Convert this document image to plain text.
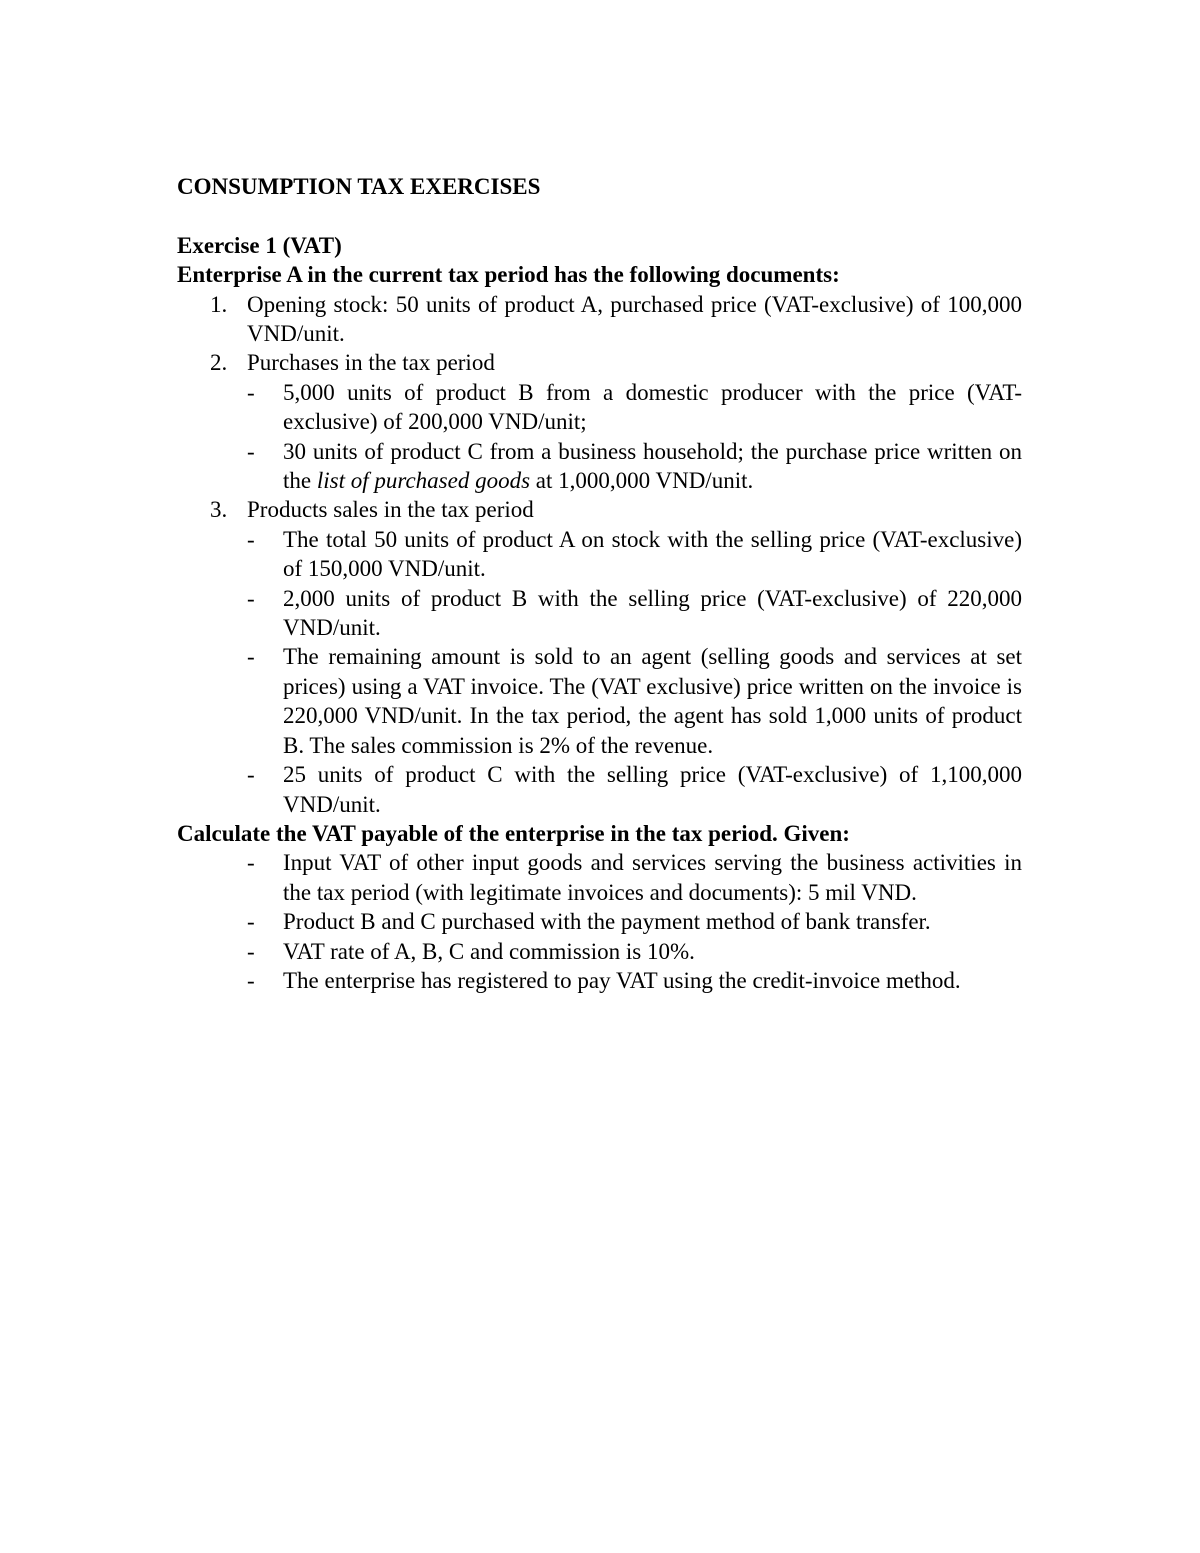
CONSUMPTION TAX EXERCISES

Exercise 1 (VAT)

Enterprise A in the current tax period has the following documents:

1. Opening stock: 50 units of product A, purchased price (VAT-exclusive) of 100,000 VND/unit.
2. Purchases in the tax period
- 5,000 units of product B from a domestic producer with the price (VAT-exclusive) of 200,000 VND/unit;
- 30 units of product C from a business household; the purchase price written on the list of purchased goods at 1,000,000 VND/unit.
3. Products sales in the tax period
- The total 50 units of product A on stock with the selling price (VAT-exclusive) of 150,000 VND/unit.
- 2,000 units of product B with the selling price (VAT-exclusive) of 220,000 VND/unit.
- The remaining amount is sold to an agent (selling goods and services at set prices) using a VAT invoice. The (VAT exclusive) price written on the invoice is 220,000 VND/unit. In the tax period, the agent has sold 1,000 units of product B. The sales commission is 2% of the revenue.
- 25 units of product C with the selling price (VAT-exclusive) of 1,100,000 VND/unit.

Calculate the VAT payable of the enterprise in the tax period. Given:

- Input VAT of other input goods and services serving the business activities in the tax period (with legitimate invoices and documents): 5 mil VND.
- Product B and C purchased with the payment method of bank transfer.
- VAT rate of A, B, C and commission is 10%.
- The enterprise has registered to pay VAT using the credit-invoice method.
